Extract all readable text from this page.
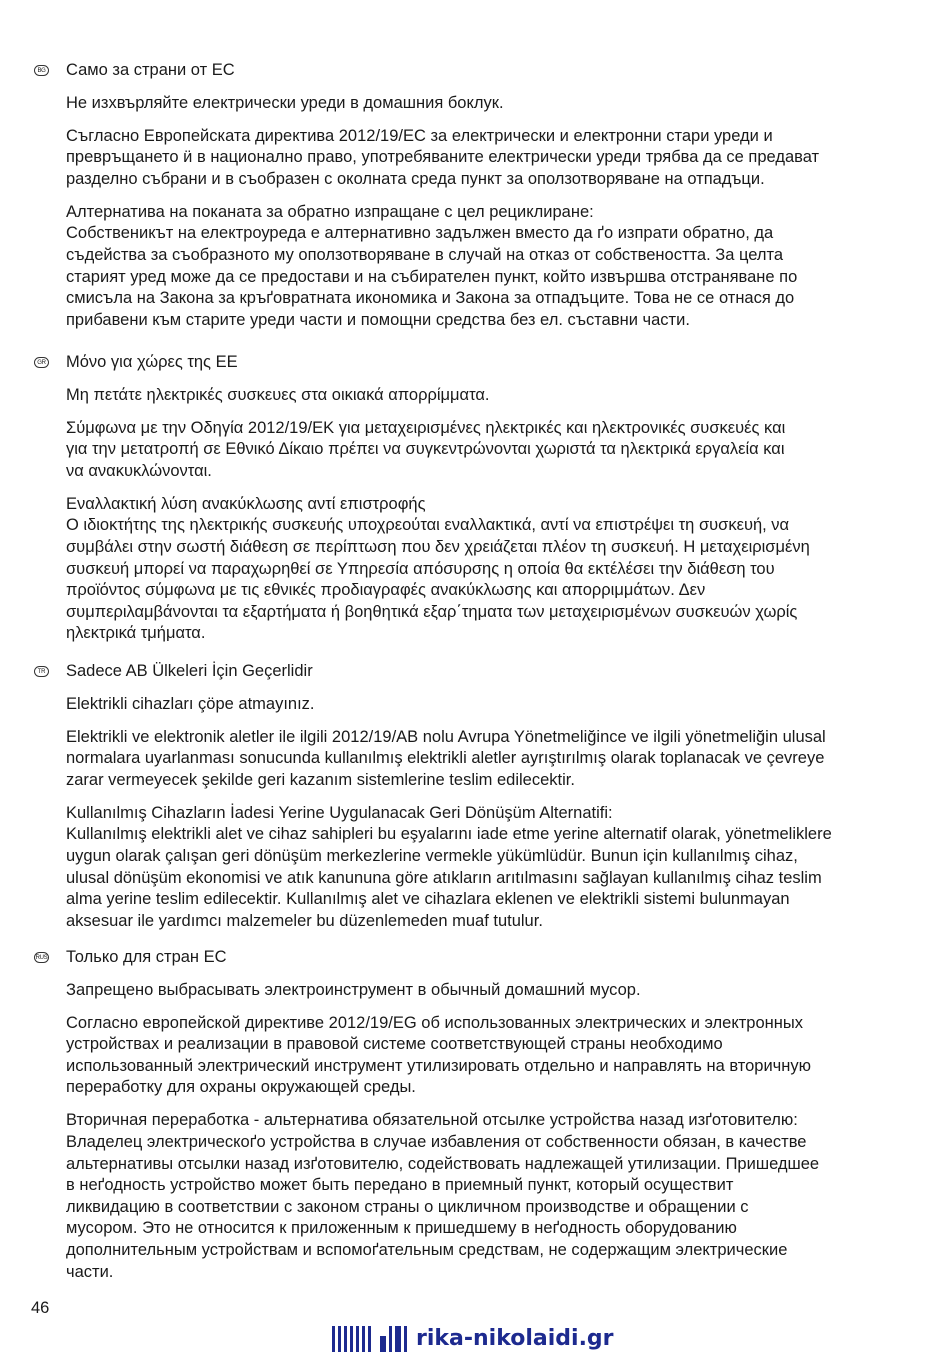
BG Само за страни от ЕС
Не изхвърляйте електрически уреди в домашния боклук.
Съгласно Европейската директива 2012/19/ЕС за електрически и електронни стари уреди и
превръщането ӥ в национално право, употребяваните електрически уреди трябва да се предават
разделно събрани и в съобразен с околната среда пункт за оползотворяване на отпадъци.
Алтернатива на поканата за обратно изпращане с цел рециклиране:
Собственикът на електроуреда е алтернативно задължен вместо да ґо изпрати обратно, да
съдейства за съобразното му оползотворяване в случай на отказ от собствеността. За целта
старият уред може да се предостави и на събирателен пункт, който извършва отстраняване по
смисъла на Закона за кръґовратната икономика и Закона за отпадъците. Това не се отнася до
прибавени към старите уреди части и помощни средства без ел. съставни части.
GR Μόνο για χώρες της ΕΕ
Μη πετάτε ηλεκτρικές συσκευες στα οικιακά απορρίμματα.
Σύμφωνα με την Οδηγία 2012/19/ΕΚ για μεταχειρισμένες ηλεκτρικές και ηλεκτρονικές συσκευές και
για την μετατροπή σε Εθνικό Δίκαιο πρέπει να συγκεντρώνονται χωριστά τα ηλεκτρικά εργαλεία και
να ανακυκλώνονται.
Εναλλακτική λύση ανακύκλωσης αντί επιστροφής
Ο ιδιοκτήτης της ηλεκτρικής συσκευής υποχρεούται εναλλακτικά, αντί να επιστρέψει τη συσκευή, να
συμβάλει στην σωστή διάθεση σε περίπτωση που δεν χρειάζεται πλέον τη συσκευή. Η μεταχειρισμένη
συσκευή μπορεί να παραχωρηθεί σε Υπηρεσία απόσυρσης η οποία θα εκτέλέσει την διάθεση του
προϊόντος σύμφωνα με τις εθνικές προδιαγραφές ανακύκλωσης και απορριμμάτων. Δεν
συμπεριλαμβάνονται τα εξαρτήματα ή βοηθητικά εξαρ΄τηματα των μεταχειρισμένων συσκευών χωρίς
ηλεκτρικά τμήματα.
TR Sadece AB Ülkeleri İçin Geçerlidir
Elektrikli cihazları çöpe atmayınız.
Elektrikli ve elektronik aletler ile ilgili 2012/19/AB nolu Avrupa Yönetmeliğince ve ilgili yönetmeliğin ulusal
normalara uyarlanması sonucunda kullanılmış elektrikli aletler ayrıştırılmış olarak toplanacak ve çevreye
zarar vermeyecek şekilde geri kazanım sistemlerine teslim edilecektir.
Kullanılmış Cihazların İadesi Yerine Uygulanacak Geri Dönüşüm Alternatifi:
Kullanılmış elektrikli alet ve cihaz sahipleri bu eşyalarını iade etme yerine alternatif olarak, yönetmeliklere
uygun olarak çalışan geri dönüşüm merkezlerine vermekle yükümlüdür. Bunun için kullanılmış cihaz,
ulusal dönüşüm ekonomisi ve atık kanununa göre atıkların arıtılmasını sağlayan kullanılmış cihaz teslim
alma yerine teslim edilecektir. Kullanılmış alet ve cihazlara eklenen ve elektrikli sistemi bulunmayan
aksesuar ile yardımcı malzemeler bu düzenlemeden muaf tutulur.
RUS Только для стран ЕС
Запрещено выбрасывать электроинструмент в обычный домашний мусор.
Согласно европейской директиве 2012/19/EG об использованных электрических и электронных
устройствах и реализации в правовой системе соответствующей страны необходимо
использованный электрический инструмент утилизировать отдельно и направлять на вторичную
переработку для охраны окружающей среды.
Вторичная переработка - альтернатива обязательной отсылке устройства назад изґотовителю:
Владелец электрическоґо устройства в случае избавления от собственности обязан, в качестве
альтернативы отсылки назад изґотовителю, содействовать надлежащей утилизации. Пришедшее
в неґодность устройство может быть передано в приемный пункт, который осуществит
ликвидацию в соответствии с законом страны о цикличном производстве и обращении с
мусором. Это не относится к приложенным к пришедшему в неґодность оборудованию
дополнительным устройствам и вспомоґательным средствам, не содержащим электрические
части.
46
rika-nikolaidi.gr
